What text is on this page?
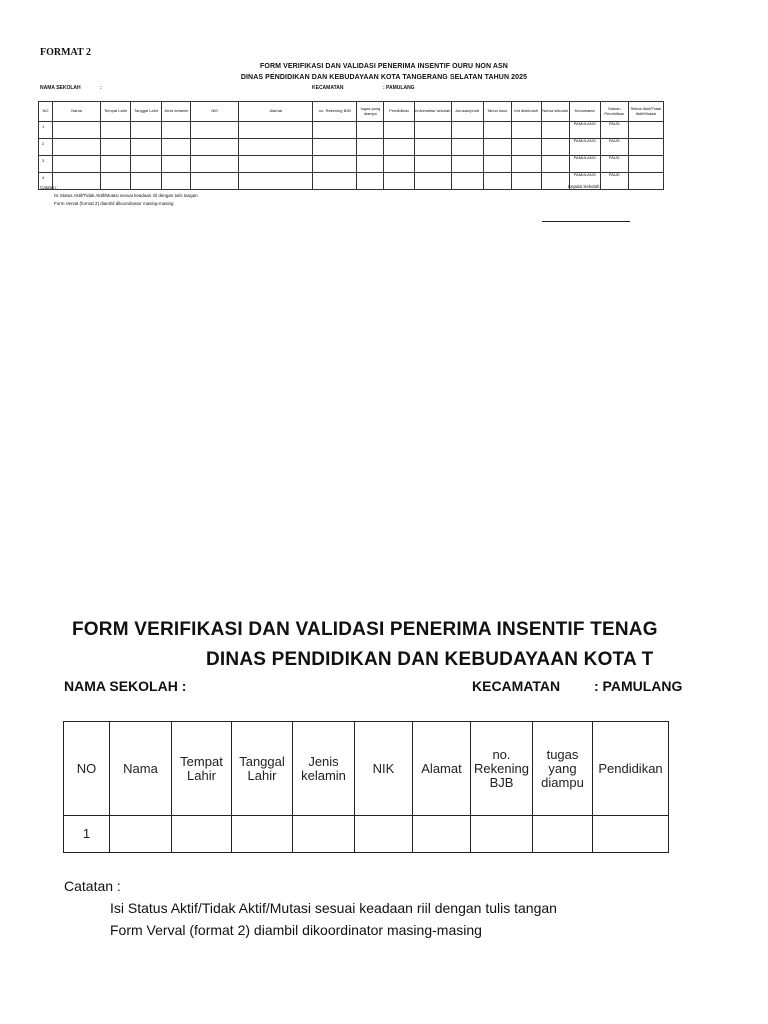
FORMAT 2
FORM VERIFIKASI DAN VALIDASI PENERIMA INSENTIF OURU NON ASN
DINAS PENDIDIKAN DAN KEBUDAYAAN KOTA TANGERANG SELATAN TAHUN 2025
NAMA SEKOLAH	:	KECAMATAN	: PAMULANG
NO	Nama	Tempat Lahir	Tanggal Lahir	Jenis kelamin	NIK	Alamat	no. Rekening BJB	tugas yang diampu	Pendidikan	Universitas/ sekolah	Jurusan/prodi	Tahun lulus	tmt disekolah	Nama sekolah	Kecamatan	Satuan Pendidikan	Status Aktif/Tidak Aktif/Mutasi
1															PAMULANG	PAUD	
2															PAMULANG	PAUD	
3															PAMULANG	PAUD	
4															PAMULANG	PAUD	
Catatan :
Isi Status Aktif/Tidak Aktif/Mutasi sesuai keadaan riil dengan tulis tangan
Form Verval (format 2) diambil dikoordinator masing-masing
Kepala Sekolah
FORM VERIFIKASI DAN VALIDASI PENERIMA INSENTIF TENAG
DINAS PENDIDIKAN DAN KEBUDAYAAN KOTA T
NAMA SEKOLAH :	KECAMATAN : PAMULANG
NO	Nama	Tempat Lahir	Tanggal Lahir	Jenis kelamin	NIK	Alamat	no. Rekening BJB	tugas yang diampu	Pendidikan
1									
Catatan :
Isi Status Aktif/Tidak Aktif/Mutasi sesuai keadaan riil dengan tulis tangan
Form Verval (format 2) diambil dikoordinator masing-masing
